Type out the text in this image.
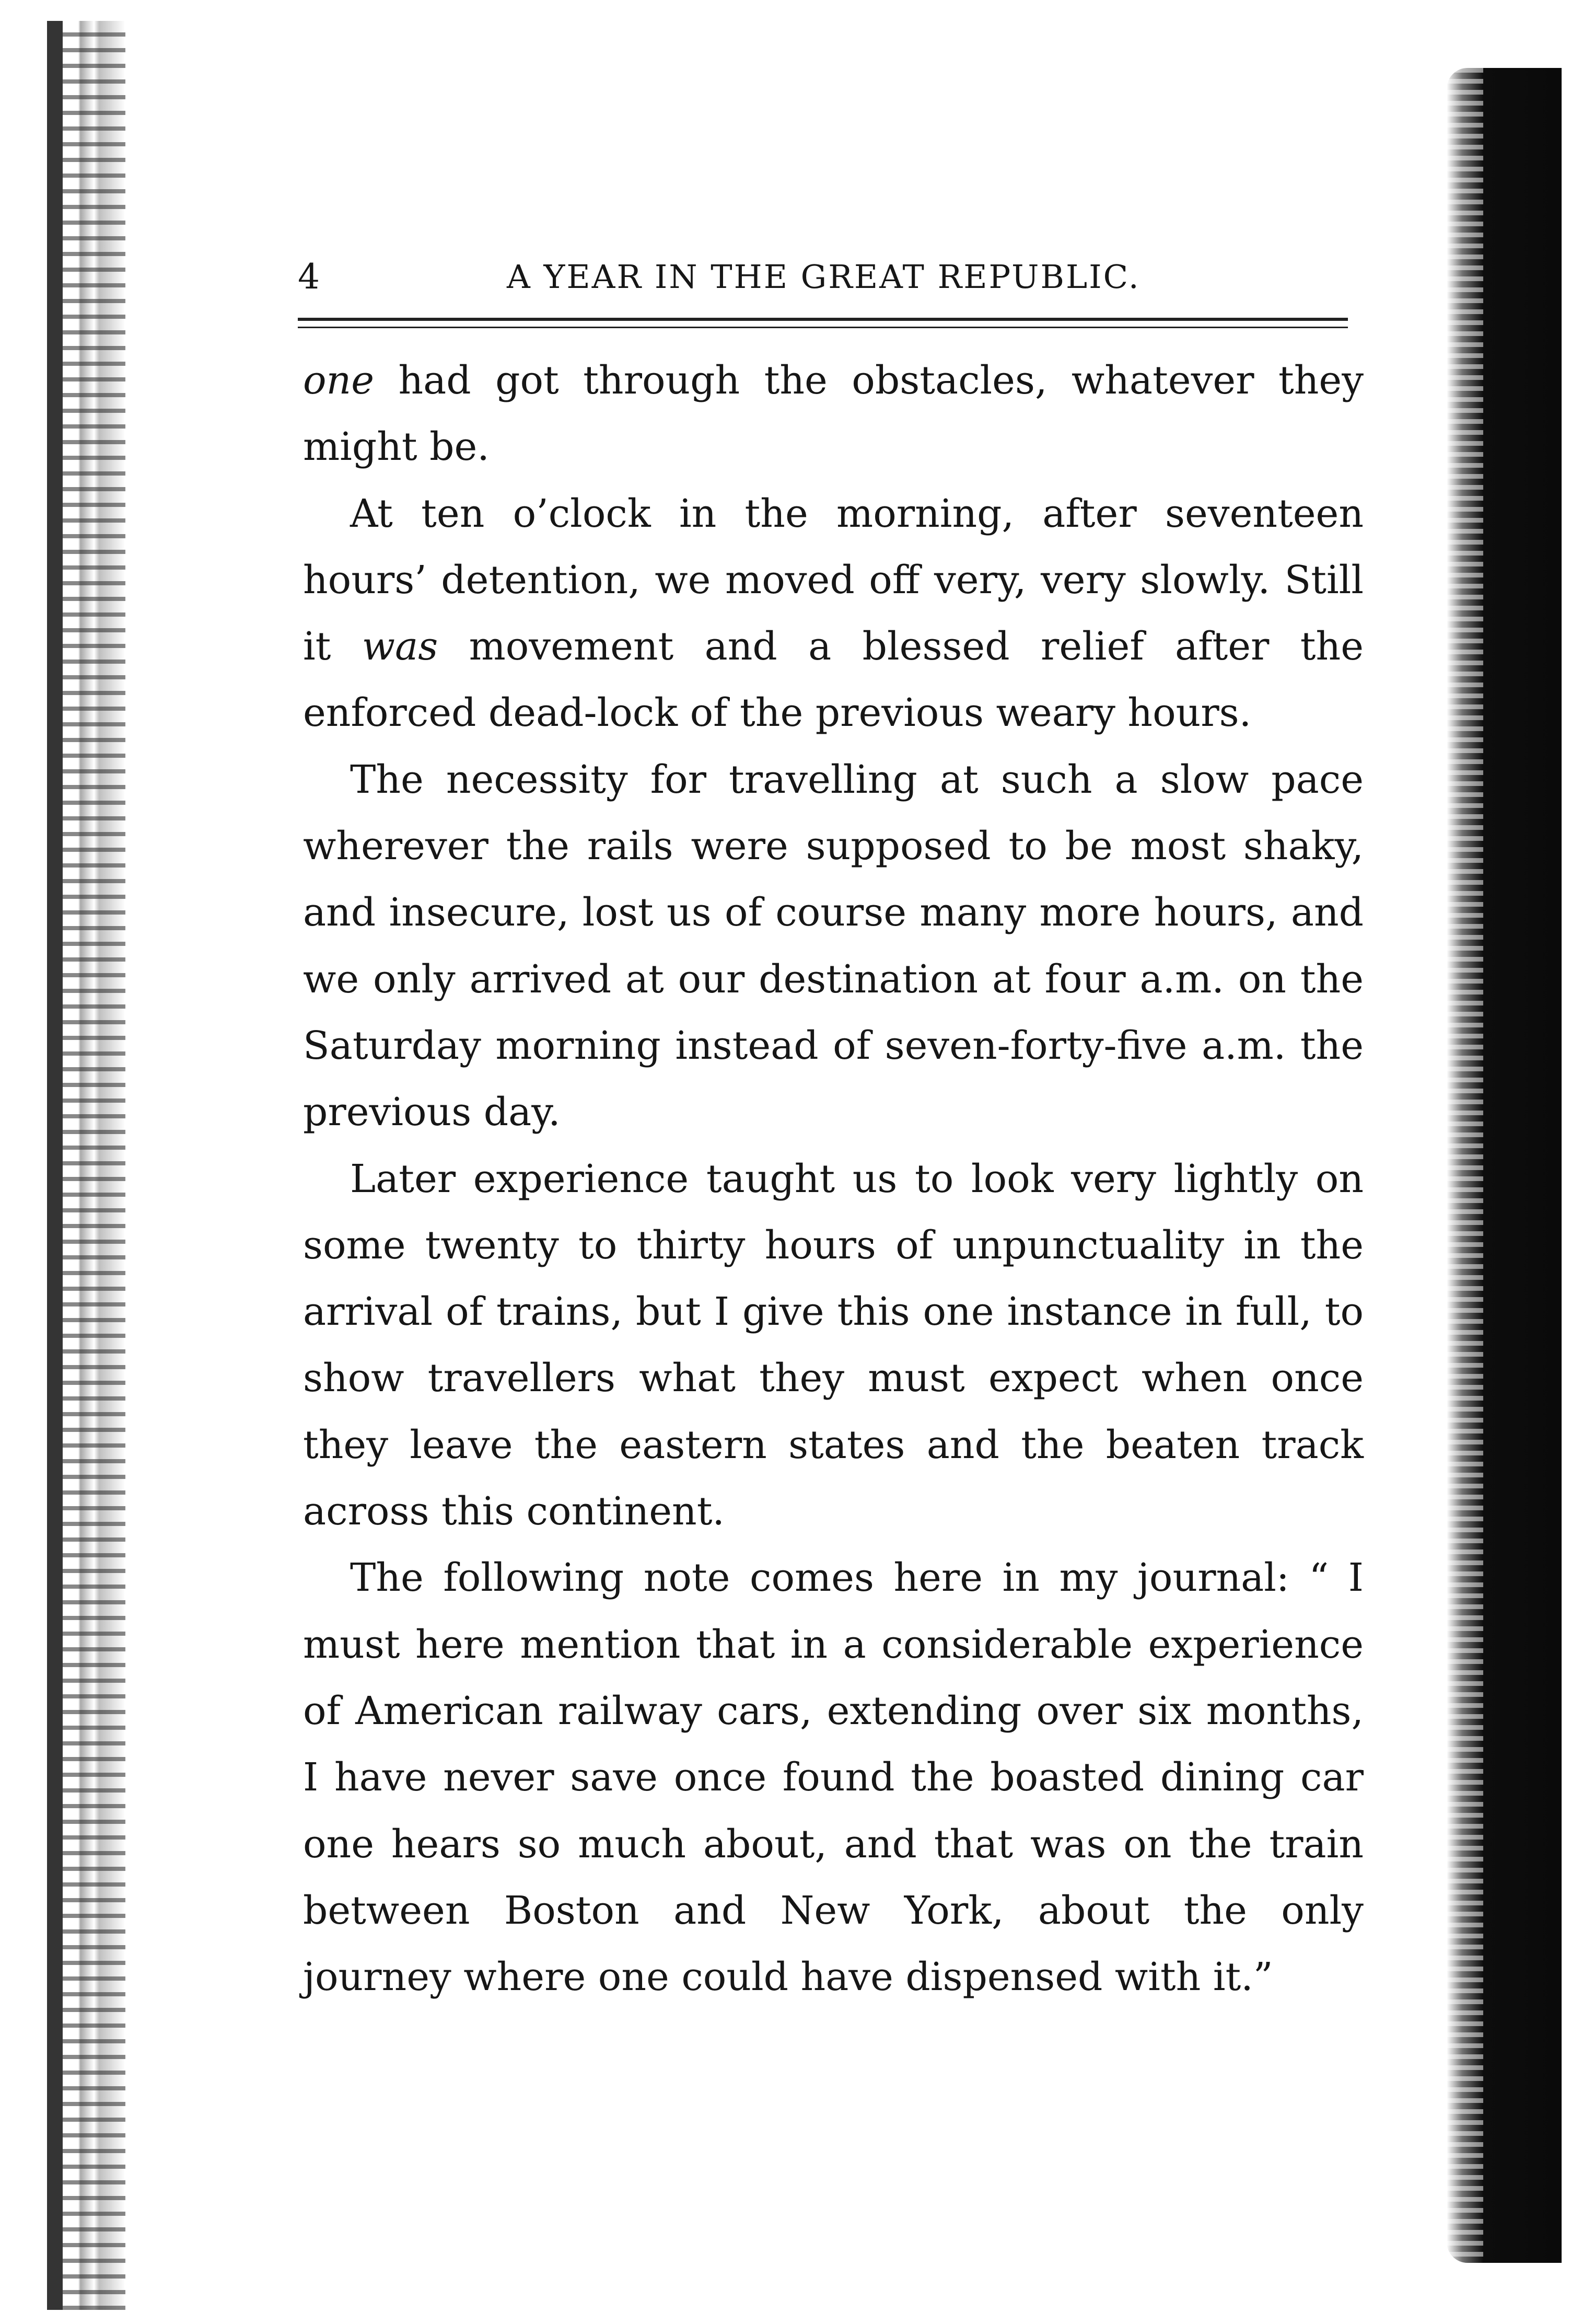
4	A YEAR IN THE GREAT REPUBLIC.

one had got through the obstacles, whatever they might be.

At ten o’clock in the morning, after seventeen hours’ detention, we moved off very, very slowly. Still it was movement and a blessed relief after the enforced dead-lock of the previous weary hours.

The necessity for travelling at such a slow pace wherever the rails were supposed to be most shaky, and insecure, lost us of course many more hours, and we only arrived at our destination at four a.m. on the Saturday morning instead of seven-forty-five a.m. the previous day.

Later experience taught us to look very lightly on some twenty to thirty hours of unpunctuality in the arrival of trains, but I give this one instance in full, to show travellers what they must expect when once they leave the eastern states and the beaten track across this continent.

The following note comes here in my journal: “ I must here mention that in a considerable experience of American railway cars, extending over six months, I have never save once found the boasted dining car one hears so much about, and that was on the train between Boston and New York, about the only journey where one could have dispensed with it.”
